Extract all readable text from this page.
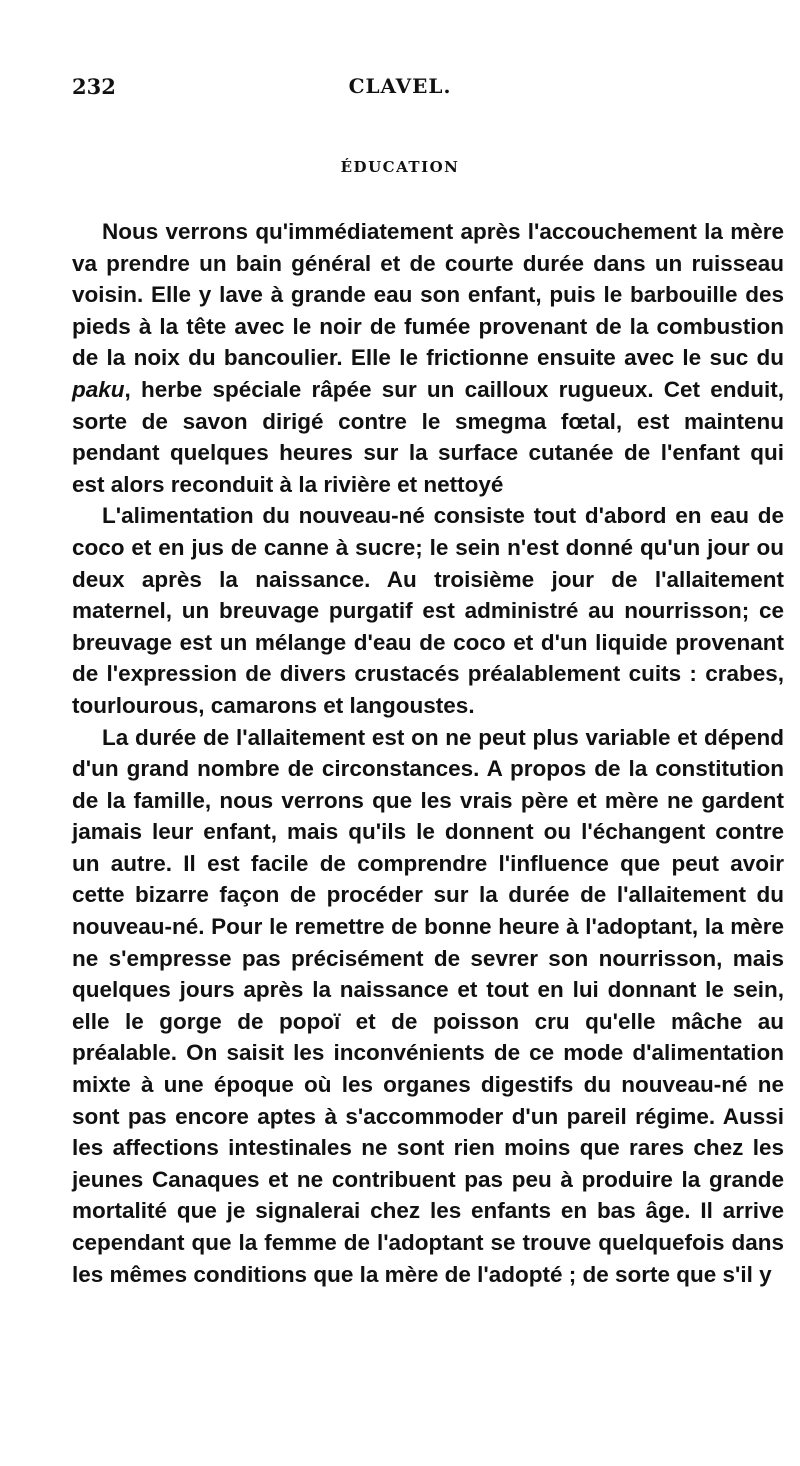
232	CLAVEL.
ÉDUCATION

Nous verrons qu'immédiatement après l'accouchement la mère va prendre un bain général et de courte durée dans un ruisseau voisin. Elle y lave à grande eau son enfant, puis le barbouille des pieds à la tête avec le noir de fumée provenant de la combustion de la noix du bancoulier. Elle le frictionne ensuite avec le suc du paku, herbe spéciale râpée sur un cailloux rugueux. Cet enduit, sorte de savon dirigé contre le smegma fœtal, est maintenu pendant quelques heures sur la surface cutanée de l'enfant qui est alors reconduit à la rivière et nettoyé

L'alimentation du nouveau-né consiste tout d'abord en eau de coco et en jus de canne à sucre; le sein n'est donné qu'un jour ou deux après la naissance. Au troisième jour de l'allaitement maternel, un breuvage purgatif est administré au nourrisson; ce breuvage est un mélange d'eau de coco et d'un liquide provenant de l'expression de divers crustacés préalablement cuits : crabes, tourlourous, camarons et langoustes.

La durée de l'allaitement est on ne peut plus variable et dépend d'un grand nombre de circonstances. A propos de la constitution de la famille, nous verrons que les vrais père et mère ne gardent jamais leur enfant, mais qu'ils le donnent ou l'échangent contre un autre. Il est facile de comprendre l'influence que peut avoir cette bizarre façon de procéder sur la durée de l'allaitement du nouveau-né. Pour le remettre de bonne heure à l'adoptant, la mère ne s'empresse pas précisément de sevrer son nourrisson, mais quelques jours après la naissance et tout en lui donnant le sein, elle le gorge de popoï et de poisson cru qu'elle mâche au préalable. On saisit les inconvénients de ce mode d'alimentation mixte à une époque où les organes digestifs du nouveau-né ne sont pas encore aptes à s'accommoder d'un pareil régime. Aussi les affections intestinales ne sont rien moins que rares chez les jeunes Canaques et ne contribuent pas peu à produire la grande mortalité que je signalerai chez les enfants en bas âge. Il arrive cependant que la femme de l'adoptant se trouve quelquefois dans les mêmes conditions que la mère de l'adopté ; de sorte que s'il y
